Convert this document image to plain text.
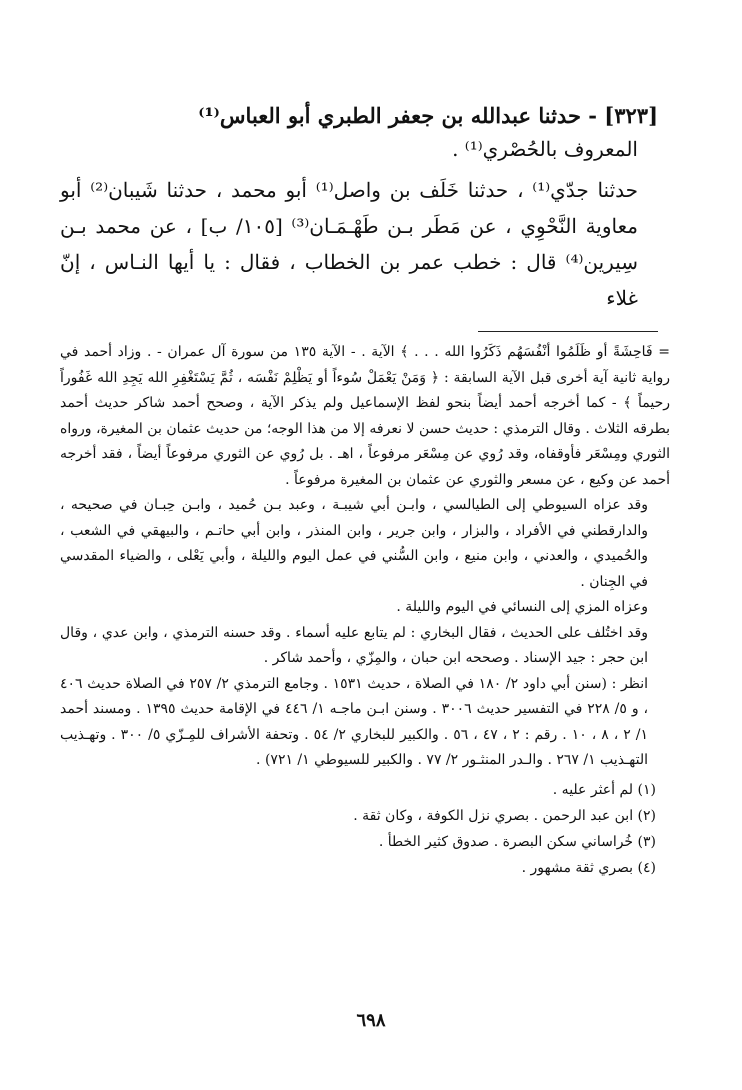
[٣٢٣] - حدثنا عبدالله بن جعفر الطبري أبو العباس⁽¹⁾

المعروف بالحُصْري⁽¹⁾ .

حدثنا جدّي⁽¹⁾ ، حدثنا خَلَف بن واصل⁽¹⁾ أبو محمد ، حدثنا شَيبان⁽²⁾ أبو معاوية النَّحْوِي ، عن مَطَر بـن طَهْـمَـان⁽³⁾ [١٠٥/ ب] ، عن محمد بـن سِيرين⁽⁴⁾ قال : خطب عمر بن الخطاب ، فقال : يا أيها النـاس ، إنّ غلاء

= فَاحِشَةً أو ظَلَمُوا أنْفُسَهُم ذَكَرُوا الله . . . ﴾ الآية . - الآية ١٣٥ من سورة آل عمران - . وزاد أحمد في رواية ثانية آية أخرى قبل الآية السابقة : ﴿ وَمَنْ يَعْمَلْ سُوءاً أو يَظْلِمْ نَفْسَه ، ثُمَّ يَسْتَغْفِرِ الله يَجِدِ الله غَفُوراً رحيماً ﴾ - كما أخرجه أحمد أيضاً بنحو لفظ الإسماعيل ولم يذكر الآية ، وصحح أحمد شاكر حديث أحمد بطرقه الثلاث . وقال الترمذي : حديث حسن لا نعرفه إلا من هذا الوجه؛ من حديث عثمان بن المغيرة، ورواه الثوري ومِسْعَر فأوقفاه، وقد رُوي عن مِسْعَر مرفوعاً ، اهـ . بل رُوي عن الثوري مرفوعاً أيضاً ، فقد أخرجه أحمد عن وكيع ، عن مسعر والثوري عن عثمان بن المغيرة مرفوعاً .

وقد عزاه السيوطي إلى الطيالسي ، وابـن أبي شيبـة ، وعبد بـن حُميد ، وابـن حِبـان في صحيحه ، والدارقطني في الأفراد ، والبزار ، وابن جرير ، وابن المنذر ، وابن أبي حاتـم ، والبيهقي في الشعب ، والحُميدي ، والعدني ، وابن منيع ، وابن السُّني في عمل اليوم والليلة ، وأبي يَعْلى ، والضياء المقدسي في الجِنان .

وعزاه المزي إلى النسائي في اليوم والليلة .

وقد اختُلف على الحديث ، فقال البخاري : لم يتابع عليه أسماء . وقد حسنه الترمذي ، وابن عدي ، وقال ابن حجر : جيد الإسناد . وصححه ابن حبان ، والمِزّي ، وأحمد شاكر .

انظر : (سنن أبي داود ٢/ ١٨٠ في الصلاة ، حديث ١٥٣١ . وجامع الترمذي ٢/ ٢٥٧ في الصلاة حديث ٤٠٦ ، و ٥/ ٢٢٨ في التفسير حديث ٣٠٠٦ . وسنن ابـن ماجـه ١/ ٤٤٦ في الإقامة حديث ١٣٩٥ . ومسند أحمد ١/ ٢ ، ٨ ، ١٠ . رقم : ٢ ، ٤٧ ، ٥٦ . والكبير للبخاري ٢/ ٥٤ . وتحفة الأشراف للمِـزّي ٥/ ٣٠٠ . وتهـذيب التهـذيب ١/ ٢٦٧ . والـدر المنثـور ٢/ ٧٧ . والكبير للسيوطي ١/ ٧٢١) .

(١) لم أعثر عليه .

(٢) ابن عبد الرحمن . بصري نزل الكوفة ، وكان ثقة .

(٣) خُراساني سكن البصرة . صدوق كثير الخطأ .

(٤) بصري ثقة مشهور .

٦٩٨
